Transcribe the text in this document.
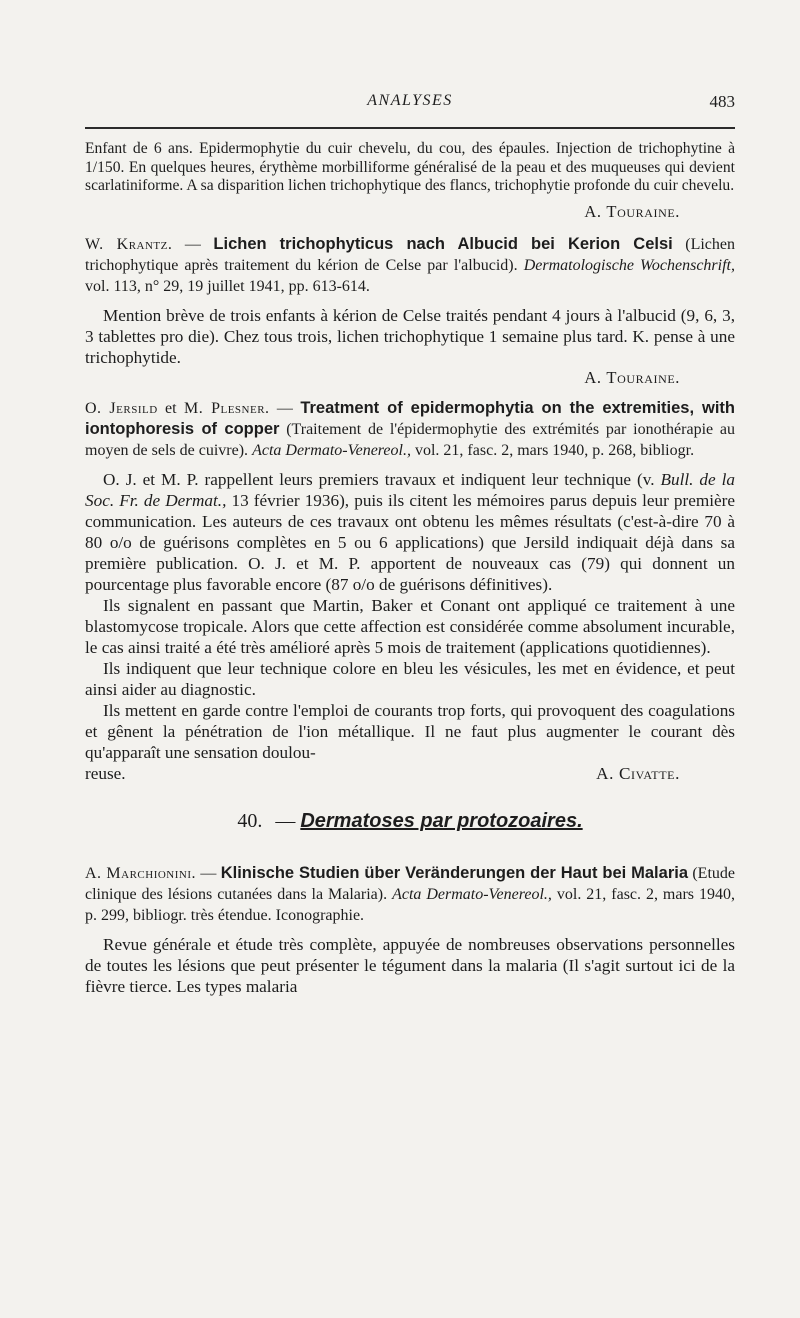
ANALYSES	483

Enfant de 6 ans. Epidermophytie du cuir chevelu, du cou, des épaules. Injection de trichophytine à 1/150. En quelques heures, érythème morbilliforme généralisé de la peau et des muqueuses qui devient scarlatiniforme. A sa disparition lichen trichophytique des flancs, trichophytie profonde du cuir chevelu.

A. Touraine.

W. Krantz. — Lichen trichophyticus nach Albucid bei Kerion Celsi (Lichen trichophytique après traitement du kérion de Celse par l'albucid). Dermatologische Wochenschrift, vol. 113, n° 29, 19 juillet 1941, pp. 613-614.

Mention brève de trois enfants à kérion de Celse traités pendant 4 jours à l'albucid (9, 6, 3, 3 tablettes pro die). Chez tous trois, lichen trichophytique 1 semaine plus tard. K. pense à une trichophytide.

A. Touraine.

O. Jersild et M. Plesner. — Treatment of epidermophytia on the extremities, with iontophoresis of copper (Traitement de l'épidermophytie des extrémités par ionothérapie au moyen de sels de cuivre). Acta Dermato-Venereol., vol. 21, fasc. 2, mars 1940, p. 268, bibliogr.

O. J. et M. P. rappellent leurs premiers travaux et indiquent leur technique (v. Bull. de la Soc. Fr. de Dermat., 13 février 1936), puis ils citent les mémoires parus depuis leur première communication. Les auteurs de ces travaux ont obtenu les mêmes résultats (c'est-à-dire 70 à 80 o/o de guérisons complètes en 5 ou 6 applications) que Jersild indiquait déjà dans sa première publication. O. J. et M. P. apportent de nouveaux cas (79) qui donnent un pourcentage plus favorable encore (87 o/o de guérisons définitives).

Ils signalent en passant que Martin, Baker et Conant ont appliqué ce traitement à une blastomycose tropicale. Alors que cette affection est considérée comme absolument incurable, le cas ainsi traité a été très amélioré après 5 mois de traitement (applications quotidiennes).

Ils indiquent que leur technique colore en bleu les vésicules, les met en évidence, et peut ainsi aider au diagnostic.

Ils mettent en garde contre l'emploi de courants trop forts, qui provoquent des coagulations et gênent la pénétration de l'ion métallique. Il ne faut plus augmenter le courant dès qu'apparaît une sensation doulou-

reuse.	A. Civatte.
40. — Dermatoses par protozoaires.

A. Marchionini. — Klinische Studien über Veränderungen der Haut bei Malaria (Etude clinique des lésions cutanées dans la Malaria). Acta Dermato-Venereol., vol. 21, fasc. 2, mars 1940, p. 299, bibliogr. très étendue. Iconographie.

Revue générale et étude très complète, appuyée de nombreuses observations personnelles de toutes les lésions que peut présenter le tégument dans la malaria (Il s'agit surtout ici de la fièvre tierce. Les types malaria
